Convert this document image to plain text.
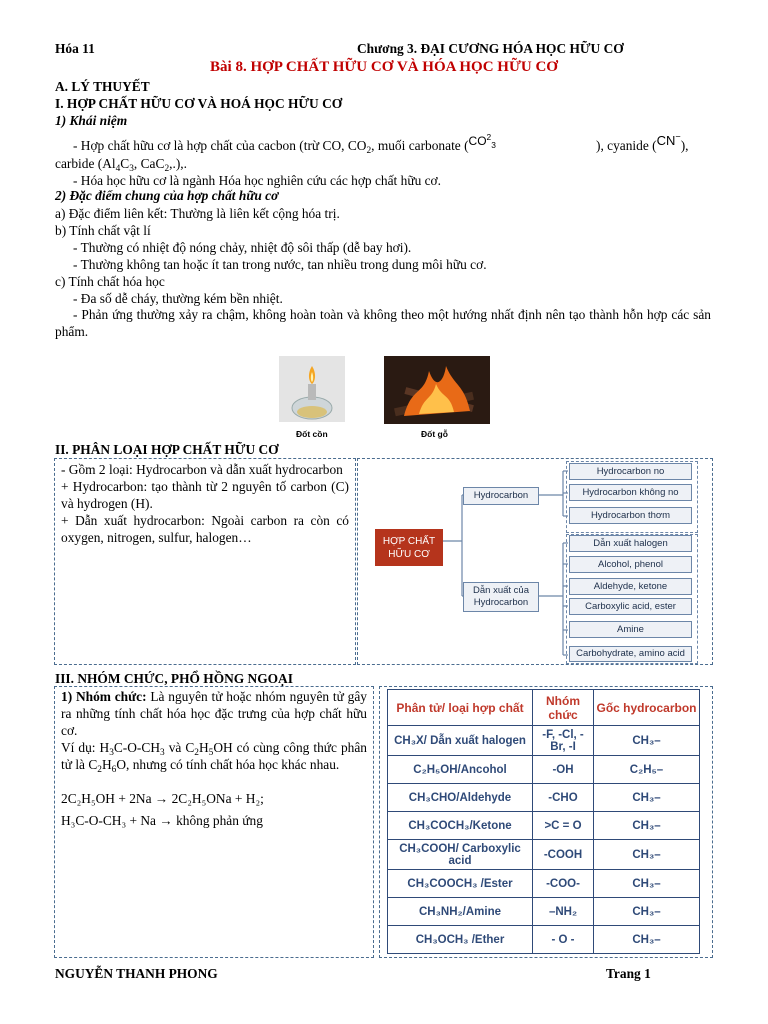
Hóa 11	Chương 3. ĐẠI CƯƠNG HÓA HỌC HỮU CƠ
Bài 8. HỢP CHẤT HỮU CƠ VÀ HÓA HỌC HỮU CƠ
A. LÝ THUYẾT
I. HỢP CHẤT HỮU CƠ VÀ HOÁ HỌC HỮU CƠ
1) Khái niệm
- Hợp chất hữu cơ là hợp chất của cacbon (trừ CO, $CO_2$, muối carbonate ($CO^2_3$	), cyanide (CN−),
carbide ($Al_4C_3$, CaC$_2$,.),.
- Hóa học hữu cơ là ngành Hóa học nghiên cứu các hợp chất hữu cơ.
2) Đặc điểm chung của hợp chất hữu cơ
a) Đặc điểm liên kết: Thường là liên kết cộng hóa trị.
b) Tính chất vật lí
- Thường có nhiệt độ nóng chảy, nhiệt độ sôi thấp (dễ bay hơi).
- Thường không tan hoặc ít tan trong nước, tan nhiều trong dung môi hữu cơ.
c) Tính chất hóa học
- Đa số dễ cháy, thường kém bền nhiệt.
- Phản ứng thường xảy ra chậm, không hoàn toàn và không theo một hướng nhất định nên tạo thành hỗn hợp các sản phẩm.
Đốt cồn	Đốt gỗ
II. PHÂN LOẠI HỢP CHẤT HỮU CƠ
- Gồm 2 loại: Hydrocarbon và dẫn xuất hydrocarbon
+ Hydrocarbon: tạo thành từ 2 nguyên tố carbon (C) và hydrogen (H).
+ Dẫn xuất hydrocarbon: Ngoài carbon ra còn có oxygen, nitrogen, sulfur, halogen…	HỢP CHẤT HỮU CƠ
Hydrocarbon
Dẫn xuất của Hydrocarbon
Hydrocarbon no
Hydrocarbon không no
Hydrocarbon thơm
Dẫn xuất halogen
Alcohol, phenol
Aldehyde, ketone
Carboxylic acid, ester
Amine
Carbohydrate, amino acid
III. NHÓM CHỨC, PHỔ HỒNG NGOẠI
1) Nhóm chức: Là nguyên tử hoặc nhóm nguyên tử gây ra những tính chất hóa học đặc trưng của hợp chất hữu cơ.
Ví dụ: $H_3C-O-CH_3$ và $C_2H_5OH$ có cùng công thức phân tử là $C_2H_6O$, nhưng có tính chất hóa học khác nhau.
2C₂H₅OH + 2Na → 2C₂H₅ONa + H₂;
H₃C-O-CH₃ + Na → không phản ứng
Phân tử/ loại hợp chất	Nhóm chức	Gốc hydrocarbon
CH₃X/ Dẫn xuất halogen	-F, -Cl, -Br, -I	CH₃–
C₂H₅OH/Ancohol	-OH	C₂H₅–
CH₃CHO/Aldehyde	-CHO	CH₃–
CH₃COCH₃/Ketone	>C = O	CH₃–
CH₃COOH/ Carboxylic acid	-COOH	CH₃–
CH₃COOCH₃ /Ester	-COO-	CH₃–
CH₃NH₂/Amine	–NH₂	CH₃–
CH₃OCH₃ /Ether	- O -	CH₃–
NGUYỄN THANH PHONG	Trang 1
